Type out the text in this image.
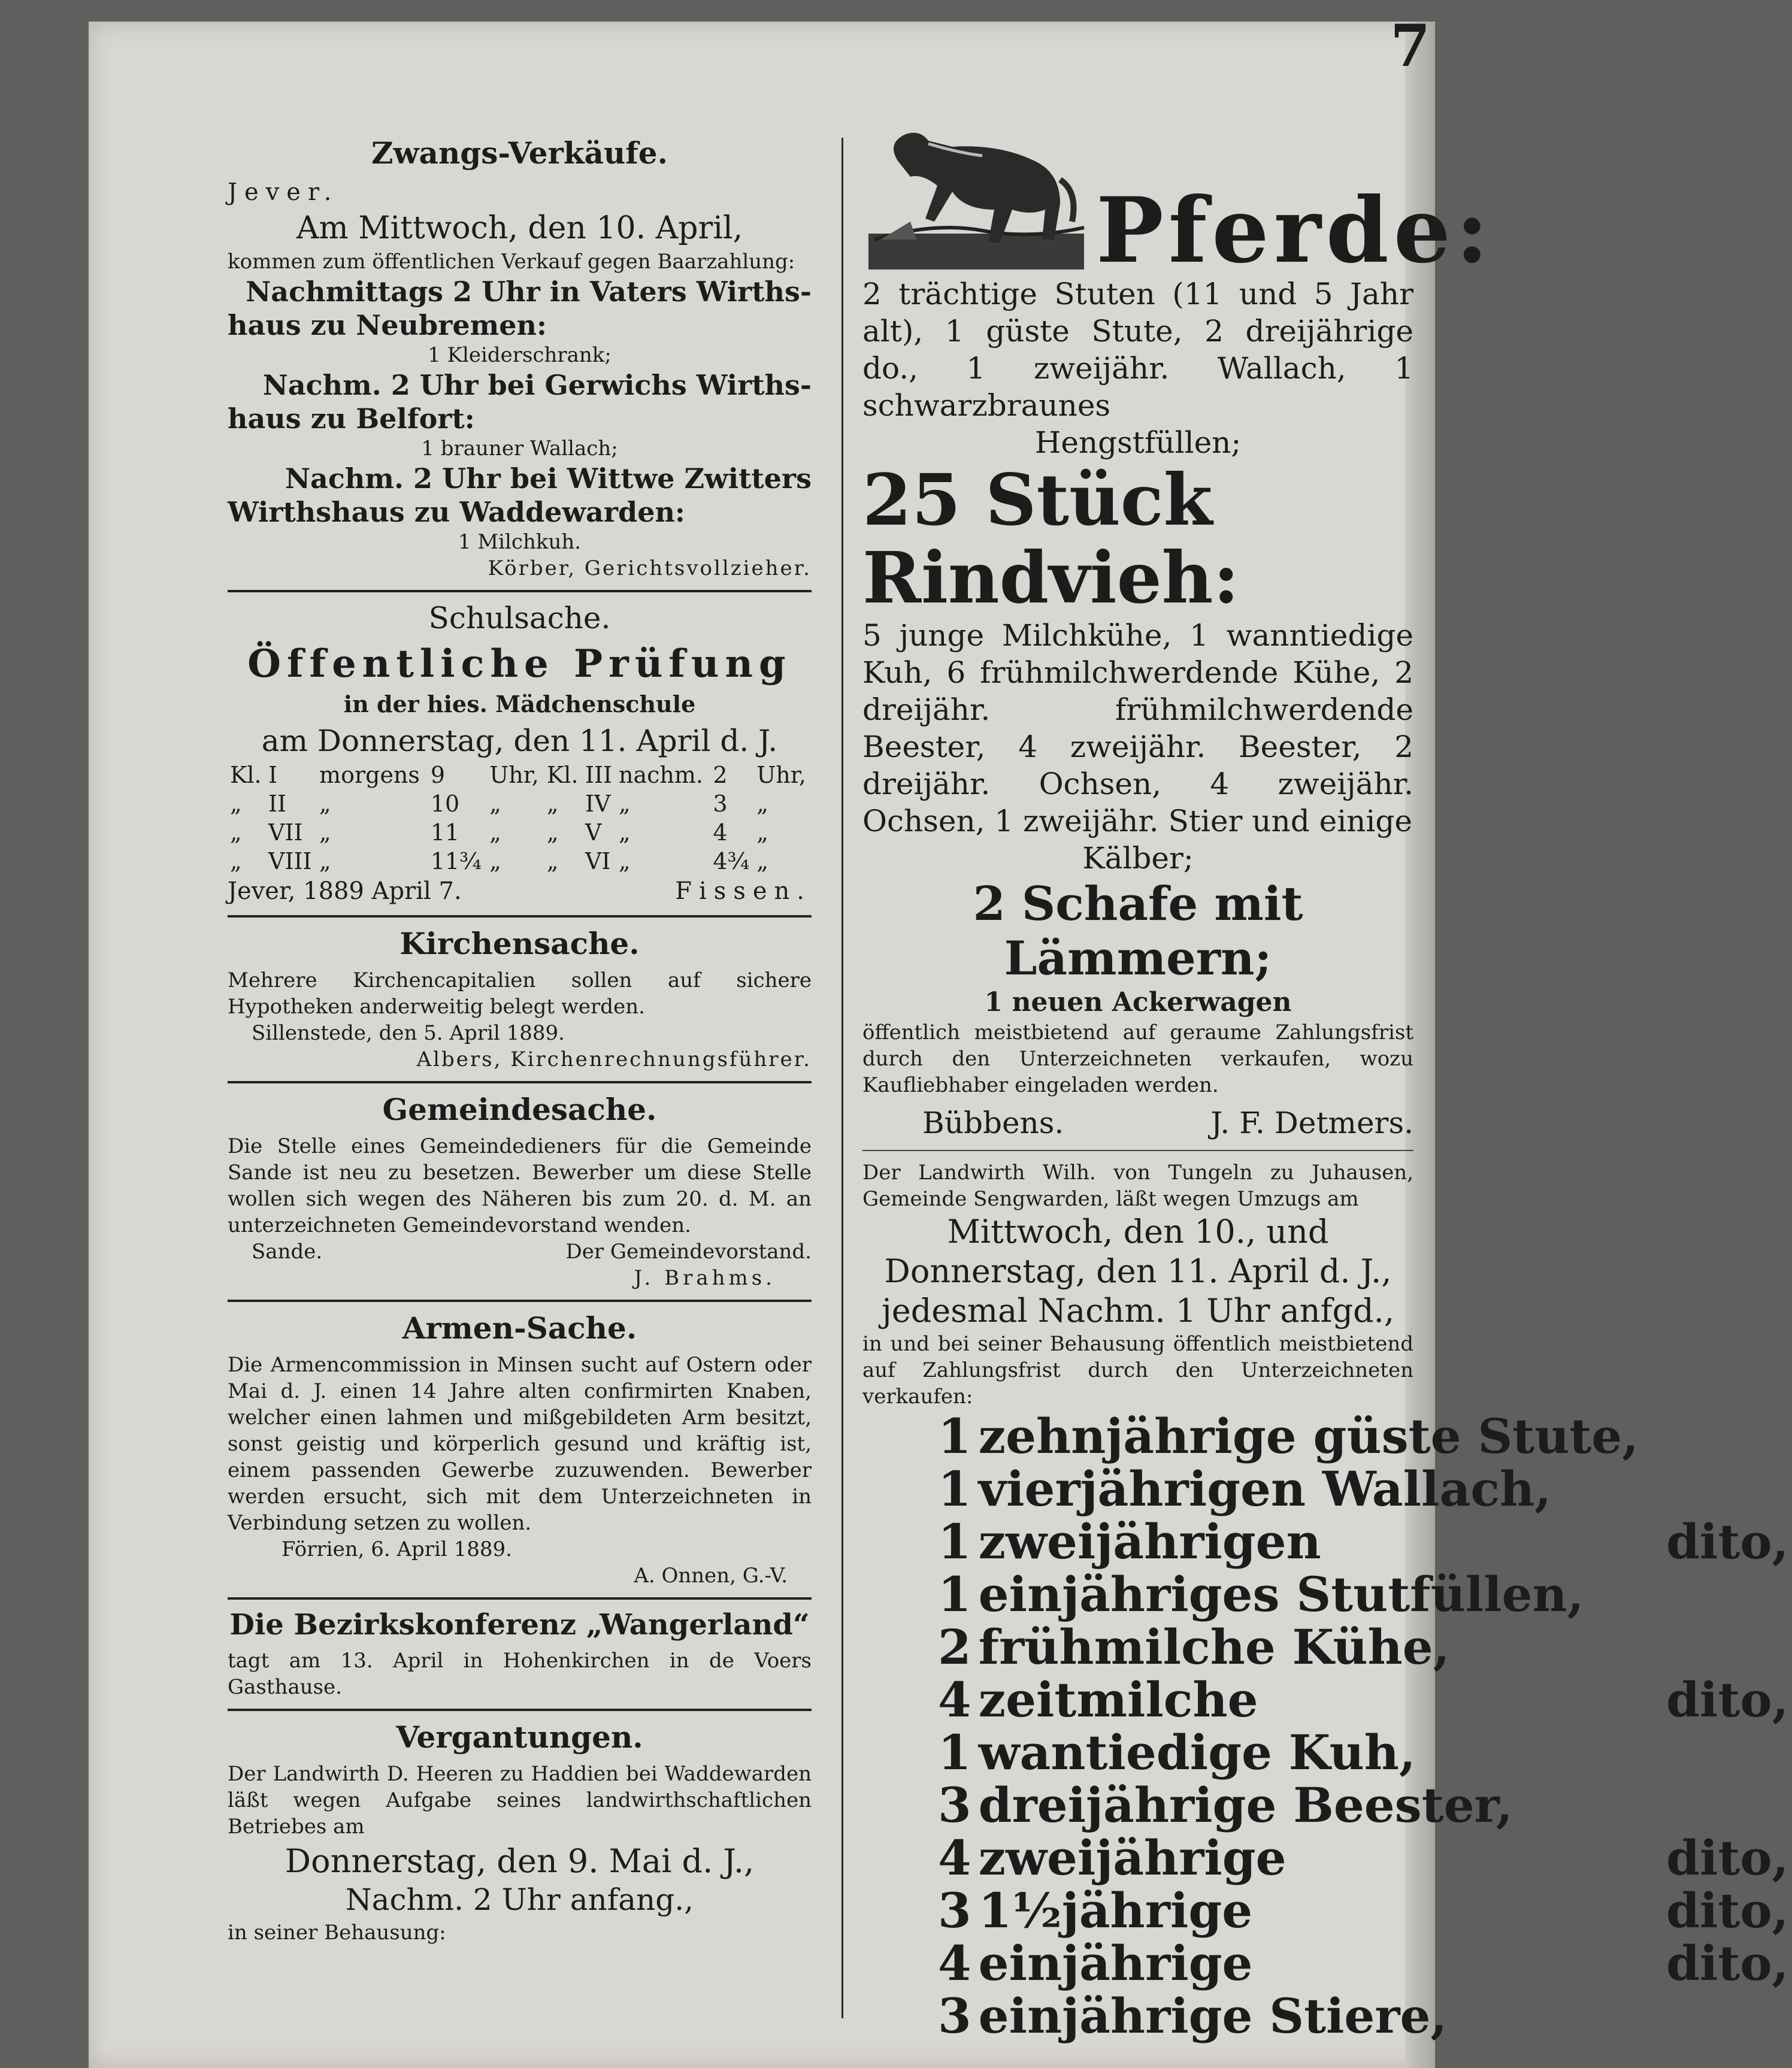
7
Zwangs-Verkäufe.
Jever.
Am Mittwoch, den 10. April,
kommen zum öffentlichen Verkauf gegen Baarzahlung:
Nachmittags 2 Uhr in Vaters Wirths-
haus zu Neubremen:
1 Kleiderschrank;
Nachm. 2 Uhr bei Gerwichs Wirths-
haus zu Belfort:
1 brauner Wallach;
Nachm. 2 Uhr bei Wittwe Zwitters
Wirthshaus zu Waddewarden:
1 Milchkuh.
Körber, Gerichtsvollzieher.
Schulsache.
Öffentliche Prüfung
in der hies. Mädchenschule
am Donnerstag, den 11. April d. J.
Kl.	I	morgens	9	Uhr,	Kl.	III	nachm.	2	Uhr,
„	II	„	10	„	„	IV	„	3	„
„	VII	„	11	„	„	V	„	4	„
„	VIII	„	11¾	„	„	VI	„	4¾	„
Jever, 1889 April 7.	Fissen.
Kirchensache.
Mehrere Kirchencapitalien sollen auf sichere Hypotheken anderweitig belegt werden.
Sillenstede, den 5. April 1889.
Albers, Kirchenrechnungsführer.
Gemeindesache.
Die Stelle eines Gemeindedieners für die Gemeinde Sande ist neu zu besetzen. Bewerber um diese Stelle wollen sich wegen des Näheren bis zum 20. d. M. an unterzeichneten Gemeindevorstand wenden.
Sande.	Der Gemeindevorstand.
J. Brahms.
Armen-Sache.
Die Armencommission in Minsen sucht auf Ostern oder Mai d. J. einen 14 Jahre alten confirmirten Knaben, welcher einen lahmen und mißgebildeten Arm besitzt, sonst geistig und körperlich gesund und kräftig ist, einem passenden Gewerbe zuzuwenden. Bewerber werden ersucht, sich mit dem Unterzeichneten in Verbindung setzen zu wollen.
Förrien, 6. April 1889.
A. Onnen, G.-V.
Die Bezirkskonferenz „Wangerland“
tagt am 13. April in Hohenkirchen in de Voers Gasthause.
Vergantungen.
Der Landwirth D. Heeren zu Haddien bei Waddewarden läßt wegen Aufgabe seines landwirthschaftlichen Betriebes am
Donnerstag, den 9. Mai d. J.,
Nachm. 2 Uhr anfang.,
in seiner Behausung:
Pferde:
2 trächtige Stuten (11 und 5 Jahr alt), 1 güste Stute, 2 dreijährige do., 1 zweijähr. Wallach, 1 schwarzbraunes
Hengstfüllen;
25 Stück Rindvieh:
5 junge Milchkühe, 1 wanntiedige Kuh, 6 frühmilchwerdende Kühe, 2 dreijähr. frühmilchwerdende Beester, 4 zweijähr. Beester, 2 dreijähr. Ochsen, 4 zweijähr. Ochsen, 1 zweijähr. Stier und einige
Kälber;
2 Schafe mit Lämmern;
1 neuen Ackerwagen
öffentlich meistbietend auf geraume Zahlungsfrist durch den Unterzeichneten verkaufen, wozu Kaufliebhaber eingeladen werden.
Bübbens.	J. F. Detmers.
Der Landwirth Wilh. von Tungeln zu Juhausen, Gemeinde Sengwarden, läßt wegen Umzugs am
Mittwoch, den 10., und
Donnerstag, den 11. April d. J.,
jedesmal Nachm. 1 Uhr anfgd.,
in und bei seiner Behausung öffentlich meistbietend auf Zahlungsfrist durch den Unterzeichneten verkaufen:
1	zehnjährige güste Stute,	
1	vierjährigen Wallach,	
1	zweijährigen	dito,
1	einjähriges Stutfüllen,	
2	frühmilche Kühe,	
4	zeitmilche	dito,
1	wantiedige Kuh,	
3	dreijährige Beester,	
4	zweijährige	dito,
3	1½jährige	dito,
4	einjährige	dito,
3	einjährige Stiere,	
